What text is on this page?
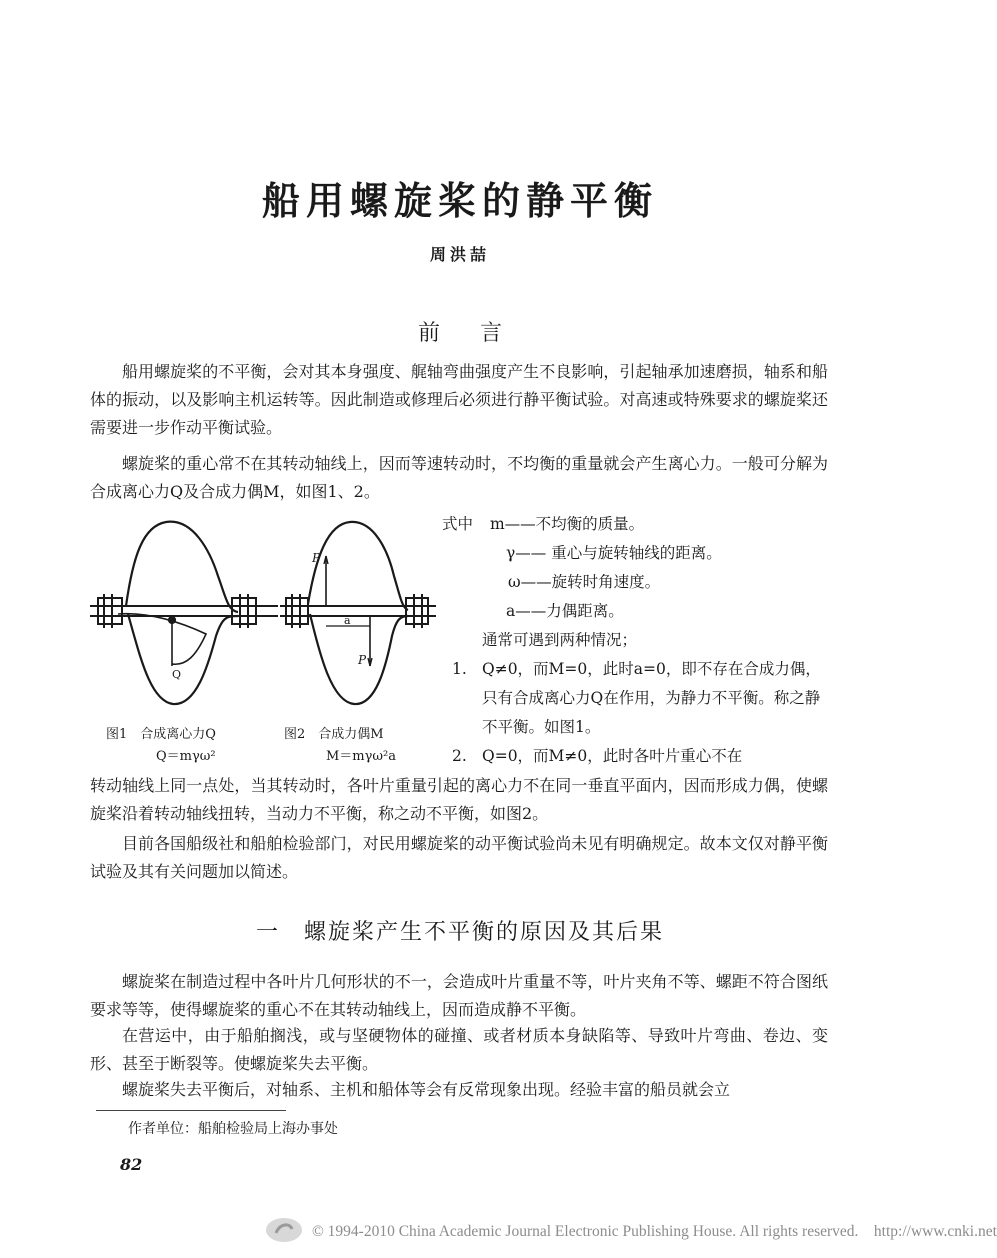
船用螺旋桨的静平衡
周洪喆
前言

船用螺旋桨的不平衡，会对其本身强度、艉轴弯曲强度产生不良影响，引起轴承加速磨损，轴系和船体的振动，以及影响主机运转等。因此制造或修理后必须进行静平衡试验。对高速或特殊要求的螺旋桨还需要进一步作动平衡试验。

螺旋桨的重心常不在其转动轴线上，因而等速转动时，不均衡的重量就会产生离心力。一般可分解为合成离心力Q及合成力偶M，如图1、2。

Q
P
P
a
图1　合成离心力Q
Q＝mγω²
图2　合成力偶M
M＝mγω²a
式中 m——不均衡的质量。
γ—— 重心与旋转轴线的距离。
ω——旋转时角速度。
a——力偶距离。
通常可遇到两种情况；
1. Q≠0，而M=0，此时a=0，即不存在合成力偶，只有合成离心力Q在作用，为静力不平衡。称之静不平衡。如图1。
2. Q=0，而M≠0，此时各叶片重心不在

转动轴线上同一点处，当其转动时，各叶片重量引起的离心力不在同一垂直平面内，因而形成力偶，使螺旋桨沿着转动轴线扭转，当动力不平衡，称之动不平衡，如图2。

目前各国船级社和船舶检验部门，对民用螺旋桨的动平衡试验尚未见有明确规定。故本文仅对静平衡试验及其有关问题加以简述。

一　螺旋桨产生不平衡的原因及其后果

螺旋桨在制造过程中各叶片几何形状的不一，会造成叶片重量不等，叶片夹角不等、螺距不符合图纸要求等等，使得螺旋桨的重心不在其转动轴线上，因而造成静不平衡。

在营运中，由于船舶搁浅，或与坚硬物体的碰撞、或者材质本身缺陷等、导致叶片弯曲、卷边、变形、甚至于断裂等。使螺旋桨失去平衡。

螺旋桨失去平衡后，对轴系、主机和船体等会有反常现象出现。经验丰富的船员就会立

作者单位：船舶检验局上海办事处
82
© 1994-2010 China Academic Journal Electronic Publishing House. All rights reserved.　http://www.cnki.net
